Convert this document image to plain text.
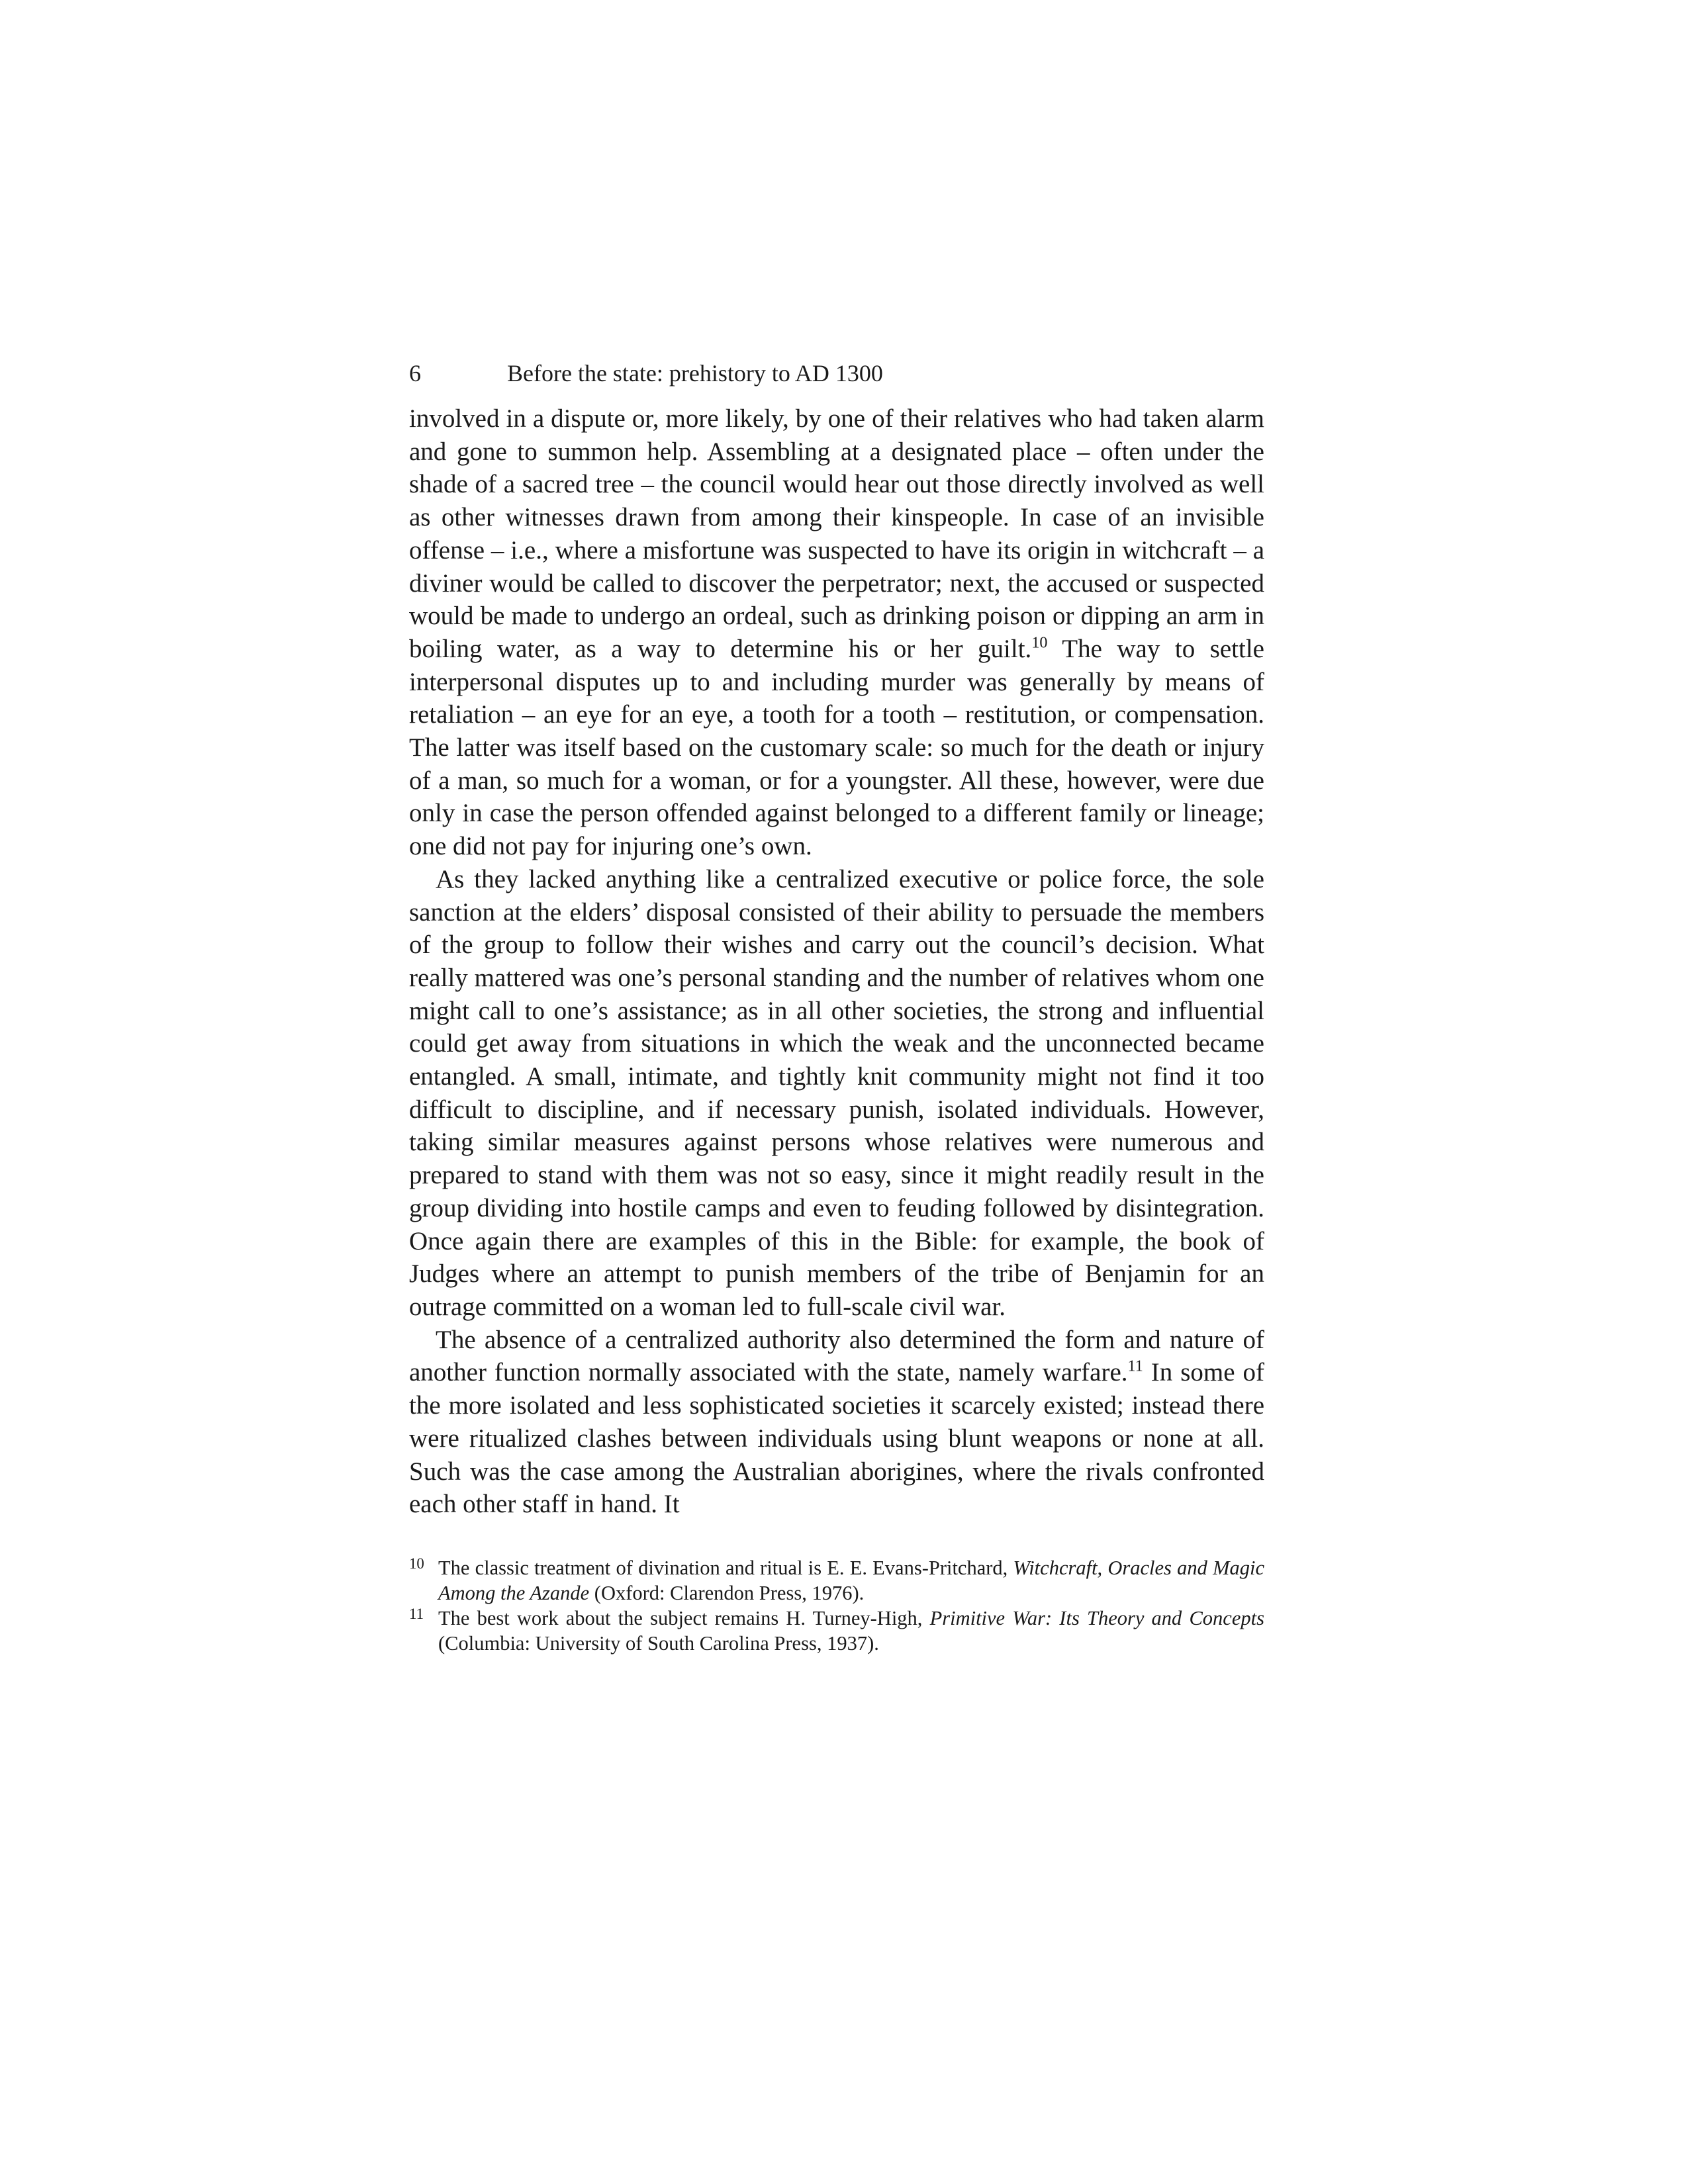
6	Before the state: prehistory to AD 1300

involved in a dispute or, more likely, by one of their relatives who had taken alarm and gone to summon help. Assembling at a designated place – often under the shade of a sacred tree – the council would hear out those directly involved as well as other witnesses drawn from among their kinspeople. In case of an invisible offense – i.e., where a misfortune was suspected to have its origin in witchcraft – a diviner would be called to discover the perpetrator; next, the accused or suspected would be made to undergo an ordeal, such as drinking poison or dipping an arm in boiling water, as a way to determine his or her guilt.$^{10}$ The way to settle interpersonal disputes up to and including murder was generally by means of retaliation – an eye for an eye, a tooth for a tooth – restitution, or compensation. The latter was itself based on the customary scale: so much for the death or injury of a man, so much for a woman, or for a youngster. All these, however, were due only in case the person offended against belonged to a different family or lineage; one did not pay for injuring one’s own.

As they lacked anything like a centralized executive or police force, the sole sanction at the elders’ disposal consisted of their ability to persuade the members of the group to follow their wishes and carry out the council’s decision. What really mattered was one’s personal standing and the number of relatives whom one might call to one’s assistance; as in all other societies, the strong and influential could get away from situations in which the weak and the unconnected became entangled. A small, intimate, and tightly knit community might not find it too difficult to discipline, and if necessary punish, isolated individuals. However, taking similar measures against persons whose relatives were numerous and prepared to stand with them was not so easy, since it might readily result in the group dividing into hostile camps and even to feuding followed by disintegration. Once again there are examples of this in the Bible: for example, the book of Judges where an attempt to punish members of the tribe of Benjamin for an outrage committed on a woman led to full-scale civil war.

The absence of a centralized authority also determined the form and nature of another function normally associated with the state, namely warfare.$^{11}$ In some of the more isolated and less sophisticated societies it scarcely existed; instead there were ritualized clashes between individuals using blunt weapons or none at all. Such was the case among the Australian aborigines, where the rivals confronted each other staff in hand. It

10 The classic treatment of divination and ritual is E. E. Evans-Pritchard, Witchcraft, Oracles and Magic Among the Azande (Oxford: Clarendon Press, 1976).

11 The best work about the subject remains H. Turney-High, Primitive War: Its Theory and Concepts (Columbia: University of South Carolina Press, 1937).
